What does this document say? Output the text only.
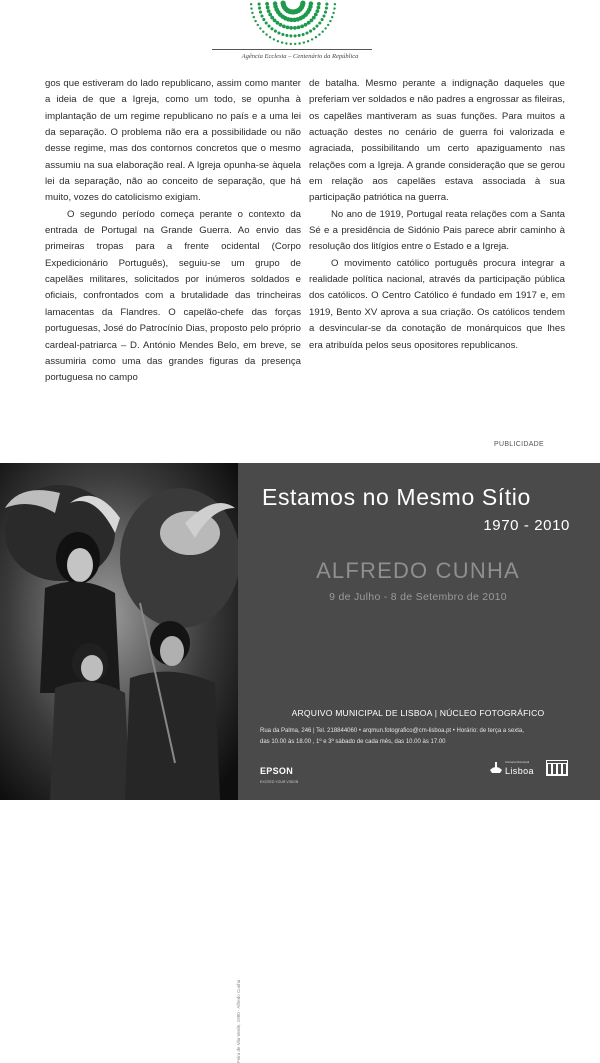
Agência Ecclesia – Centenário da República

gos que estiveram do lado republicano, assim como manter a ideia de que a Igreja, como um todo, se opunha à implantação de um regime republicano no país e a uma lei da separação. O problema não era a possibilidade ou não desse regime, mas dos contornos concretos que o mesmo assumiu na sua elaboração real. A Igreja opunha-se àquela lei da separação, não ao conceito de separação, que há muito, vozes do catolicismo exigiam.

O segundo período começa perante o contexto da entrada de Portugal na Grande Guerra. Ao envio das primeiras tropas para a frente ocidental (Corpo Expedicionário Português), seguiu-se um grupo de capelães militares, solicitados por inúmeros soldados e oficiais, confrontados com a brutalidade das trincheiras lamacentas da Flandres. O capelão-chefe das forças portuguesas, José do Patrocínio Dias, proposto pelo próprio cardeal-patriarca – D. António Mendes Belo, em breve, se assumiria como uma das grandes figuras da presença portuguesa no campo

de batalha. Mesmo perante a indignação daqueles que preferiam ver soldados e não padres a engrossar as fileiras, os capelães mantiveram as suas funções. Para muitos a actuação destes no cenário de guerra foi valorizada e agraciada, possibilitando um certo apaziguamento nas relações com a Igreja. A grande consideração que se gerou em relação aos capelães estava associada à sua participação patriótica na guerra.

No ano de 1919, Portugal reata relações com a Santa Sé e a presidência de Sidónio Pais parece abrir caminho à resolução dos litígios entre o Estado e a Igreja.

O movimento católico português procura integrar a realidade política nacional, através da participação pública dos católicos. O Centro Católico é fundado em 1917 e, em 1919, Bento XV aprova a sua criação. Os católicos tendem a desvincular-se da conotação de monárquicos que lhes era atribuída pelos seus opositores republicanos.

PUBLICIDADE
Feira de Vila Verde, 1980 · Alfredo Cunha
Estamos no Mesmo Sítio
1970 - 2010
ALFREDO CUNHA
9 de Julho - 8 de Setembro de 2010
ARQUIVO MUNICIPAL DE LISBOA | NÚCLEO FOTOGRÁFICO
Rua da Palma, 246 | Tel. 218844060 • arqmun.fotografico@cm-lisboa.pt • Horário: de terça a sexta,
das 10.00 às 18.00 , 1º e 3º sábado de cada mês, das 10.00 às 17.00
EPSON
EXCEED YOUR VISION
Câmara Municipal
Lisboa
